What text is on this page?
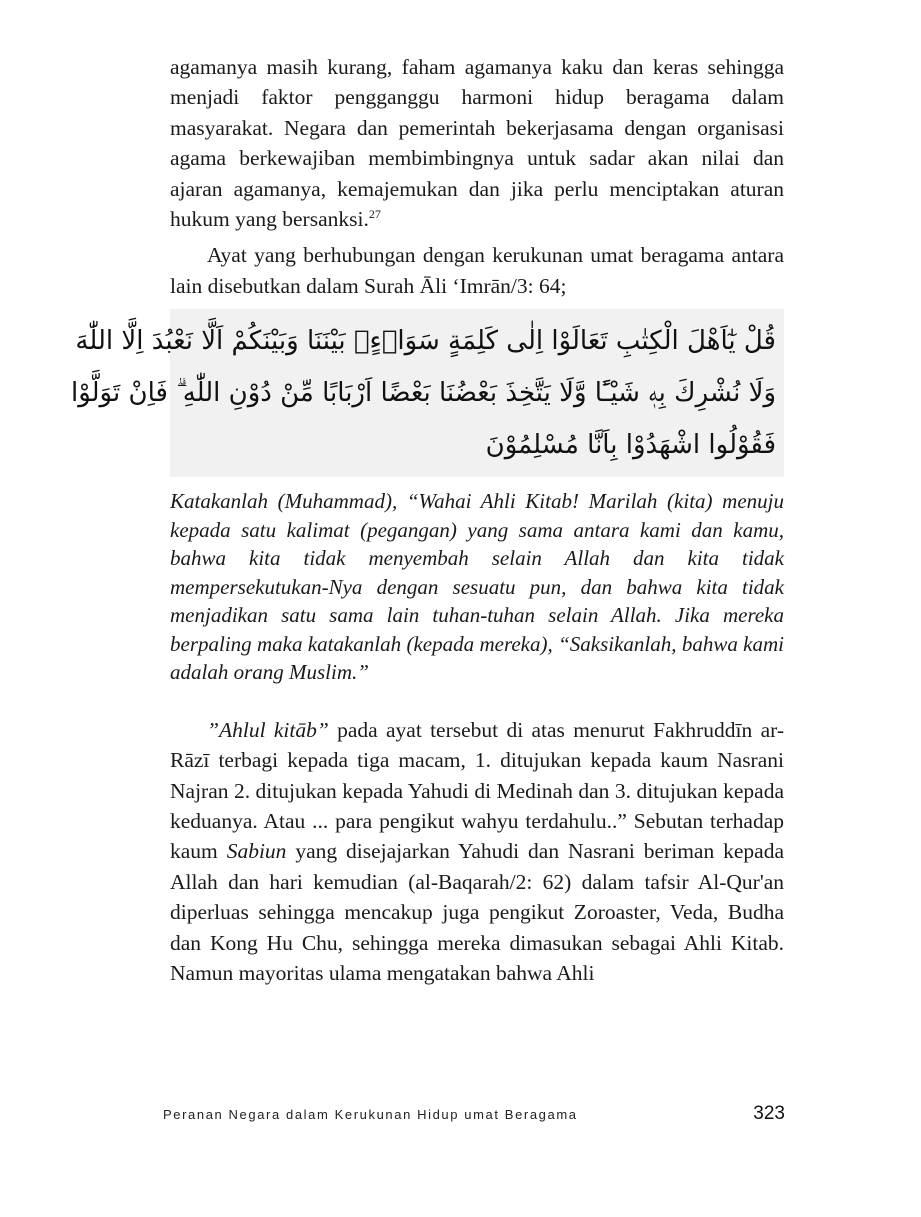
agamanya masih kurang, faham agamanya kaku dan keras sehingga menjadi faktor pengganggu harmoni hidup beragama dalam masyarakat. Negara dan pemerintah bekerjasama dengan organisasi agama berkewajiban membimbingnya untuk sadar akan nilai dan ajaran agamanya, kemajemukan dan jika perlu menciptakan aturan hukum yang bersanksi.$^{27}$

Ayat yang berhubungan dengan kerukunan umat beragama antara lain disebutkan dalam Surah Āli ‘Imrān/3: 64;

قُلْ يٰٓاَهْلَ الْكِتٰبِ تَعَالَوْا اِلٰى كَلِمَةٍ سَوَاۤءٍۢ بَيْنَنَا وَبَيْنَكُمْ اَلَّا نَعْبُدَ اِلَّا اللّٰهَ
وَلَا نُشْرِكَ بِهٖ شَيْـًٔا وَّلَا يَتَّخِذَ بَعْضُنَا بَعْضًا اَرْبَابًا مِّنْ دُوْنِ اللّٰهِ ۗ فَاِنْ تَوَلَّوْا
فَقُوْلُوا اشْهَدُوْا بِاَنَّا مُسْلِمُوْنَ

Katakanlah (Muhammad), “Wahai Ahli Kitab! Marilah (kita) menuju kepada satu kalimat (pegangan) yang sama antara kami dan kamu, bahwa kita tidak menyembah selain Allah dan kita tidak mempersekutukan-Nya dengan sesuatu pun, dan bahwa kita tidak menjadikan satu sama lain tuhan-tuhan selain Allah. Jika mereka berpaling maka katakanlah (kepada mereka), “Saksikanlah, bahwa kami adalah orang Muslim.”

”Ahlul kitāb” pada ayat tersebut di atas menurut Fakhruddīn ar-Rāzī terbagi kepada tiga macam, 1. ditujukan kepada kaum Nasrani Najran 2. ditujukan kepada Yahudi di Medinah dan 3. ditujukan kepada keduanya. Atau ... para pengikut wahyu terdahulu..” Sebutan terhadap kaum Sabiun yang disejajarkan Yahudi dan Nasrani beriman kepada Allah dan hari kemudian (al-Baqarah/2: 62) dalam tafsir Al-Qur'an diperluas sehingga mencakup juga pengikut Zoroaster, Veda, Budha dan Kong Hu Chu, sehingga mereka dimasukan sebagai Ahli Kitab. Namun mayoritas ulama mengatakan bahwa Ahli

Peranan Negara dalam Kerukunan Hidup umat Beragama	323
